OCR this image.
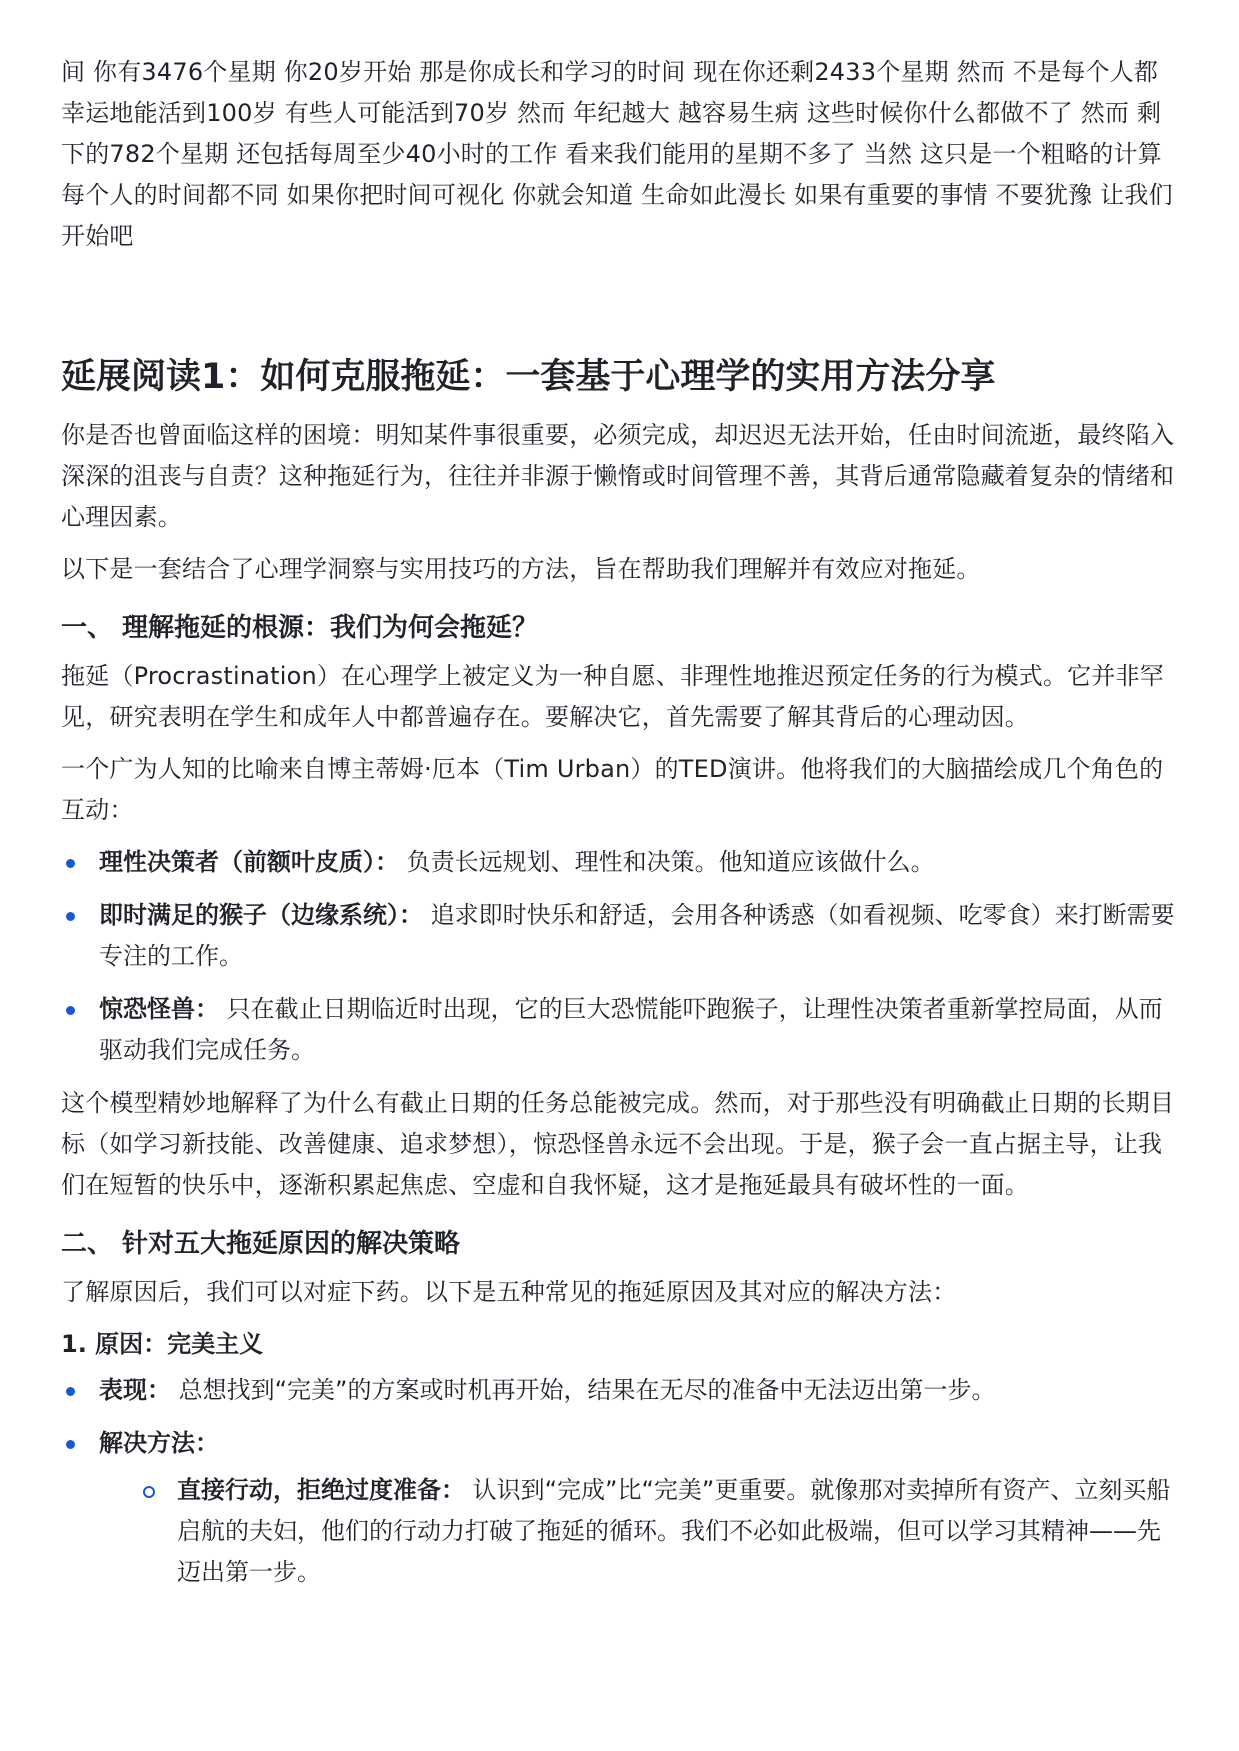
间 你有3476个星期 你20岁开始 那是你成长和学习的时间 现在你还剩2433个星期 然而 不是每个人都幸运地能活到100岁 有些人可能活到70岁 然而 年纪越大 越容易生病 这些时候你什么都做不了 然而 剩下的782个星期 还包括每周至少40小时的工作 看来我们能用的星期不多了 当然 这只是一个粗略的计算 每个人的时间都不同 如果你把时间可视化 你就会知道 生命如此漫长 如果有重要的事情 不要犹豫 让我们开始吧

延展阅读1：如何克服拖延：一套基于心理学的实用方法分享

你是否也曾面临这样的困境：明知某件事很重要，必须完成，却迟迟无法开始，任由时间流逝，最终陷入深深的沮丧与自责？这种拖延行为，往往并非源于懒惰或时间管理不善，其背后通常隐藏着复杂的情绪和心理因素。

以下是一套结合了心理学洞察与实用技巧的方法，旨在帮助我们理解并有效应对拖延。

一、 理解拖延的根源：我们为何会拖延？

拖延（Procrastination）在心理学上被定义为一种自愿、非理性地推迟预定任务的行为模式。它并非罕见，研究表明在学生和成年人中都普遍存在。要解决它，首先需要了解其背后的心理动因。

一个广为人知的比喻来自博主蒂姆·厄本（Tim Urban）的TED演讲。他将我们的大脑描绘成几个角色的互动：

理性决策者（前额叶皮质）： 负责长远规划、理性和决策。他知道应该做什么。
即时满足的猴子（边缘系统）： 追求即时快乐和舒适，会用各种诱惑（如看视频、吃零食）来打断需要专注的工作。
惊恐怪兽： 只在截止日期临近时出现，它的巨大恐慌能吓跑猴子，让理性决策者重新掌控局面，从而驱动我们完成任务。

这个模型精妙地解释了为什么有截止日期的任务总能被完成。然而，对于那些没有明确截止日期的长期目标（如学习新技能、改善健康、追求梦想），惊恐怪兽永远不会出现。于是，猴子会一直占据主导，让我们在短暂的快乐中，逐渐积累起焦虑、空虚和自我怀疑，这才是拖延最具有破坏性的一面。

二、 针对五大拖延原因的解决策略

了解原因后，我们可以对症下药。以下是五种常见的拖延原因及其对应的解决方法：

1. 原因：完美主义
表现： 总想找到“完美”的方案或时机再开始，结果在无尽的准备中无法迈出第一步。
解决方法：
直接行动，拒绝过度准备： 认识到“完成”比“完美”更重要。就像那对卖掉所有资产、立刻买船启航的夫妇，他们的行动力打破了拖延的循环。我们不必如此极端，但可以学习其精神——先迈出第一步。
